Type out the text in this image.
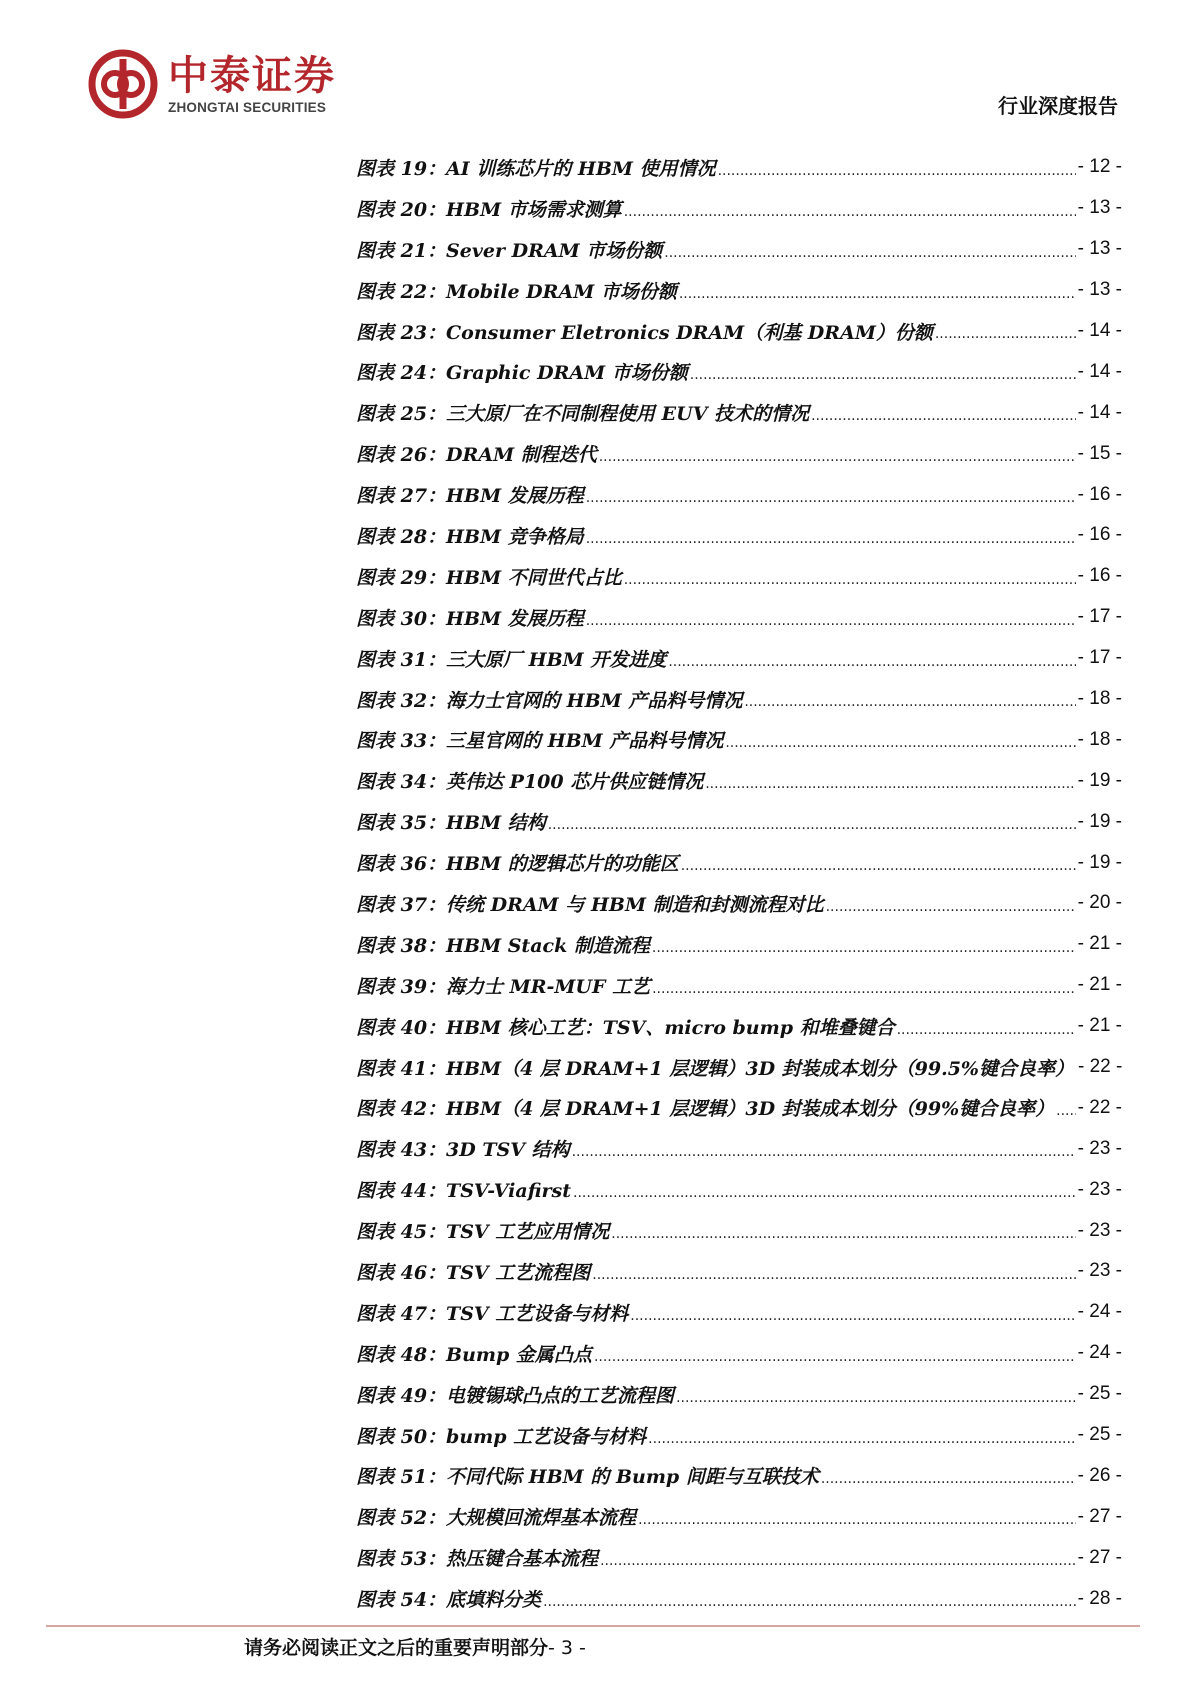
中泰证券
ZHONGTAI SECURITIES	行业深度报告
图表 19：AI 训练芯片的 HBM 使用情况 .....	- 12 -
图表 20：HBM 市场需求测算 .....	- 13 -
图表 21：Sever DRAM 市场份额 .....	- 13 -
图表 22：Mobile DRAM 市场份额 .....	- 13 -
图表 23：Consumer Eletronics DRAM（利基 DRAM）份额 .....	- 14 -
图表 24：Graphic DRAM 市场份额 .....	- 14 -
图表 25：三大原厂在不同制程使用 EUV 技术的情况 .....	- 14 -
图表 26：DRAM 制程迭代 .....	- 15 -
图表 27：HBM 发展历程 .....	- 16 -
图表 28：HBM 竞争格局 .....	- 16 -
图表 29：HBM 不同世代占比 .....	- 16 -
图表 30：HBM 发展历程 .....	- 17 -
图表 31：三大原厂 HBM 开发进度 .....	- 17 -
图表 32：海力士官网的 HBM 产品料号情况 .....	- 18 -
图表 33：三星官网的 HBM 产品料号情况 .....	- 18 -
图表 34：英伟达 P100 芯片供应链情况 .....	- 19 -
图表 35：HBM 结构 .....	- 19 -
图表 36：HBM 的逻辑芯片的功能区 .....	- 19 -
图表 37：传统 DRAM 与 HBM 制造和封测流程对比 .....	- 20 -
图表 38：HBM Stack 制造流程 .....	- 21 -
图表 39：海力士 MR-MUF 工艺 .....	- 21 -
图表 40：HBM 核心工艺：TSV、micro bump 和堆叠键合 .....	- 21 -
图表 41：HBM（4 层 DRAM+1 层逻辑）3D 封装成本划分（99.5%键合良率） - 22 -
图表 42：HBM（4 层 DRAM+1 层逻辑）3D 封装成本划分（99%键合良率） ..... - 22 -
图表 43：3D TSV 结构 .....	- 23 -
图表 44：TSV-Viafirst .....	- 23 -
图表 45：TSV 工艺应用情况 .....	- 23 -
图表 46：TSV 工艺流程图 .....	- 23 -
图表 47：TSV 工艺设备与材料 .....	- 24 -
图表 48：Bump 金属凸点 .....	- 24 -
图表 49：电镀锡球凸点的工艺流程图 .....	- 25 -
图表 50：bump 工艺设备与材料 .....	- 25 -
图表 51：不同代际 HBM 的 Bump 间距与互联技术 .....	- 26 -
图表 52：大规模回流焊基本流程 .....	- 27 -
图表 53：热压键合基本流程 .....	- 27 -
图表 54：底填料分类 .....	- 28 -
请务必阅读正文之后的重要声明部分- 3 -
